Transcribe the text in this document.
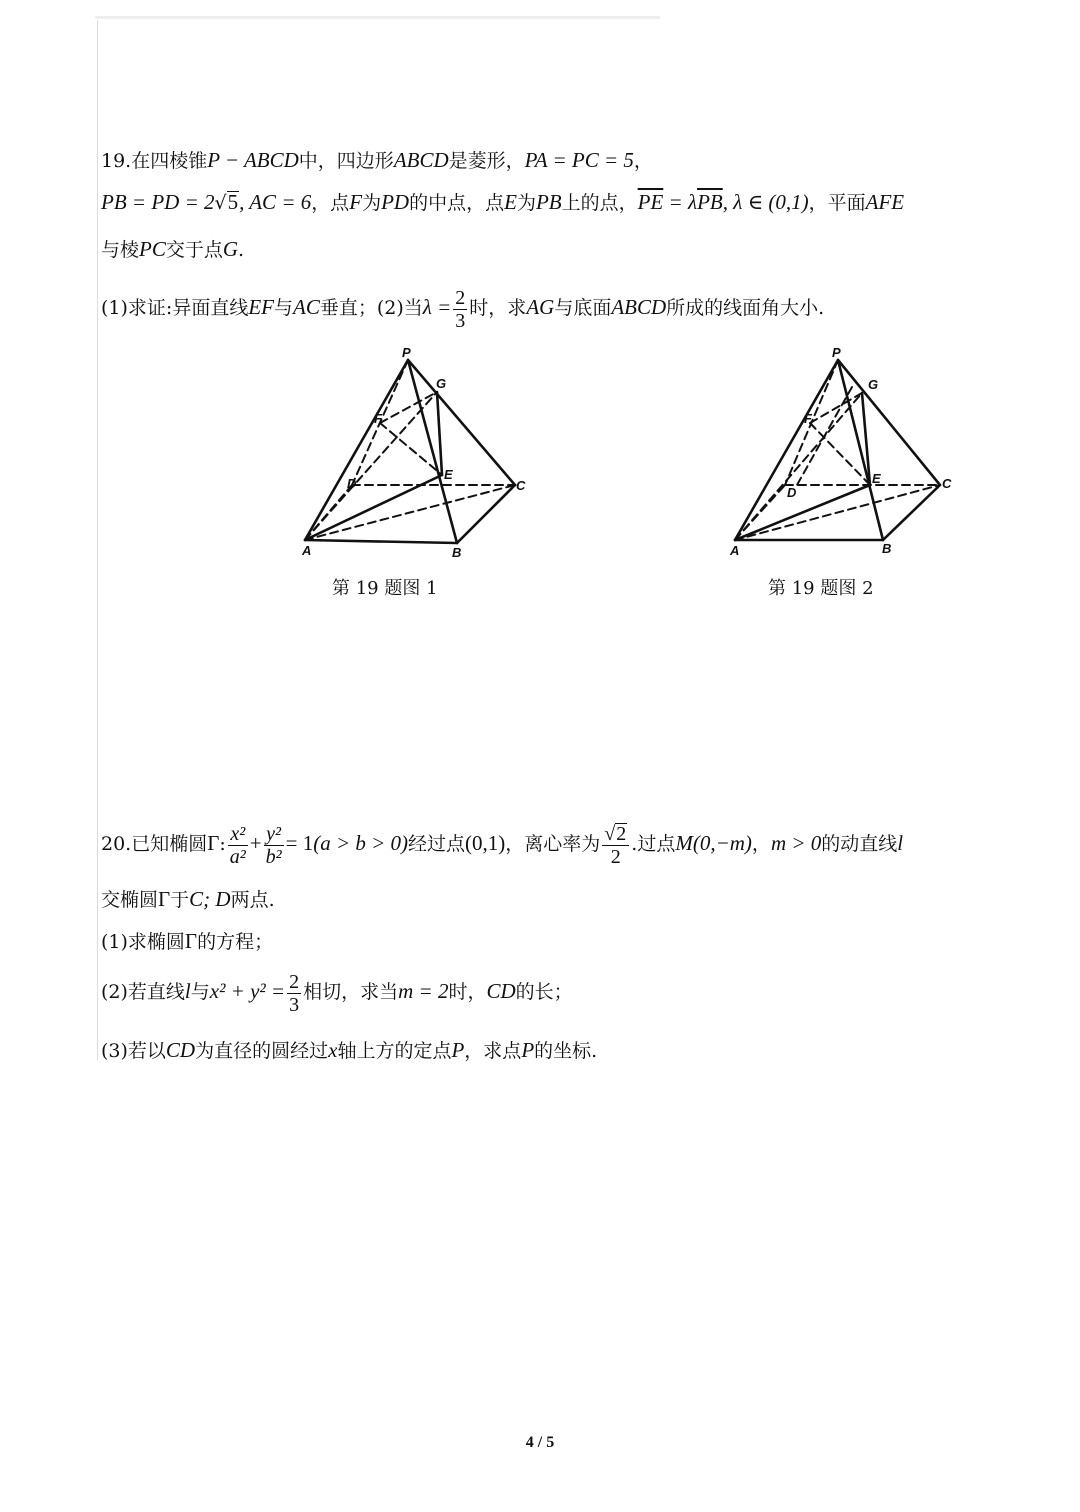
19.在四棱锥P − ABCD中，四边形ABCD是菱形，PA = PC = 5，
PB = PD = 2√5, AC = 6，点F为PD的中点，点E为PB上的点，$\overline{PE} = \lambda\overline{PB}$, λ ∈ (0,1)，平面AFE
与棱PC交于点G.
(1)求证:异面直线EF与AC垂直；(2)当$\lambda = \frac{2}{3}$ 时，求AG与底面ABCD所成的线面角大小.
P
G
F
E
D	C
A	B
第 19 题图 1
P
G
F
E
D
C
A	B
第 19 题图 2
20.已知椭圆Γ: $\frac{\text{x²}}{\text{a²}} + \frac{\text{y²}}{\text{b²}} = 1(a > b > 0)$经过点(0,1)，离心率为 $\frac{√2}{2}$ .过点M(0,−m)，m > 0的动直线l
交椭圆Γ于C; D两点.
(1)求椭圆Γ的方程；
(2)若直线l与$x^2 + y^2 = \frac{2}{3}$ 相切，求当m = 2时，CD的长；
(3)若以CD为直径的圆经过x轴上方的定点P，求点P的坐标.
4 / 5
